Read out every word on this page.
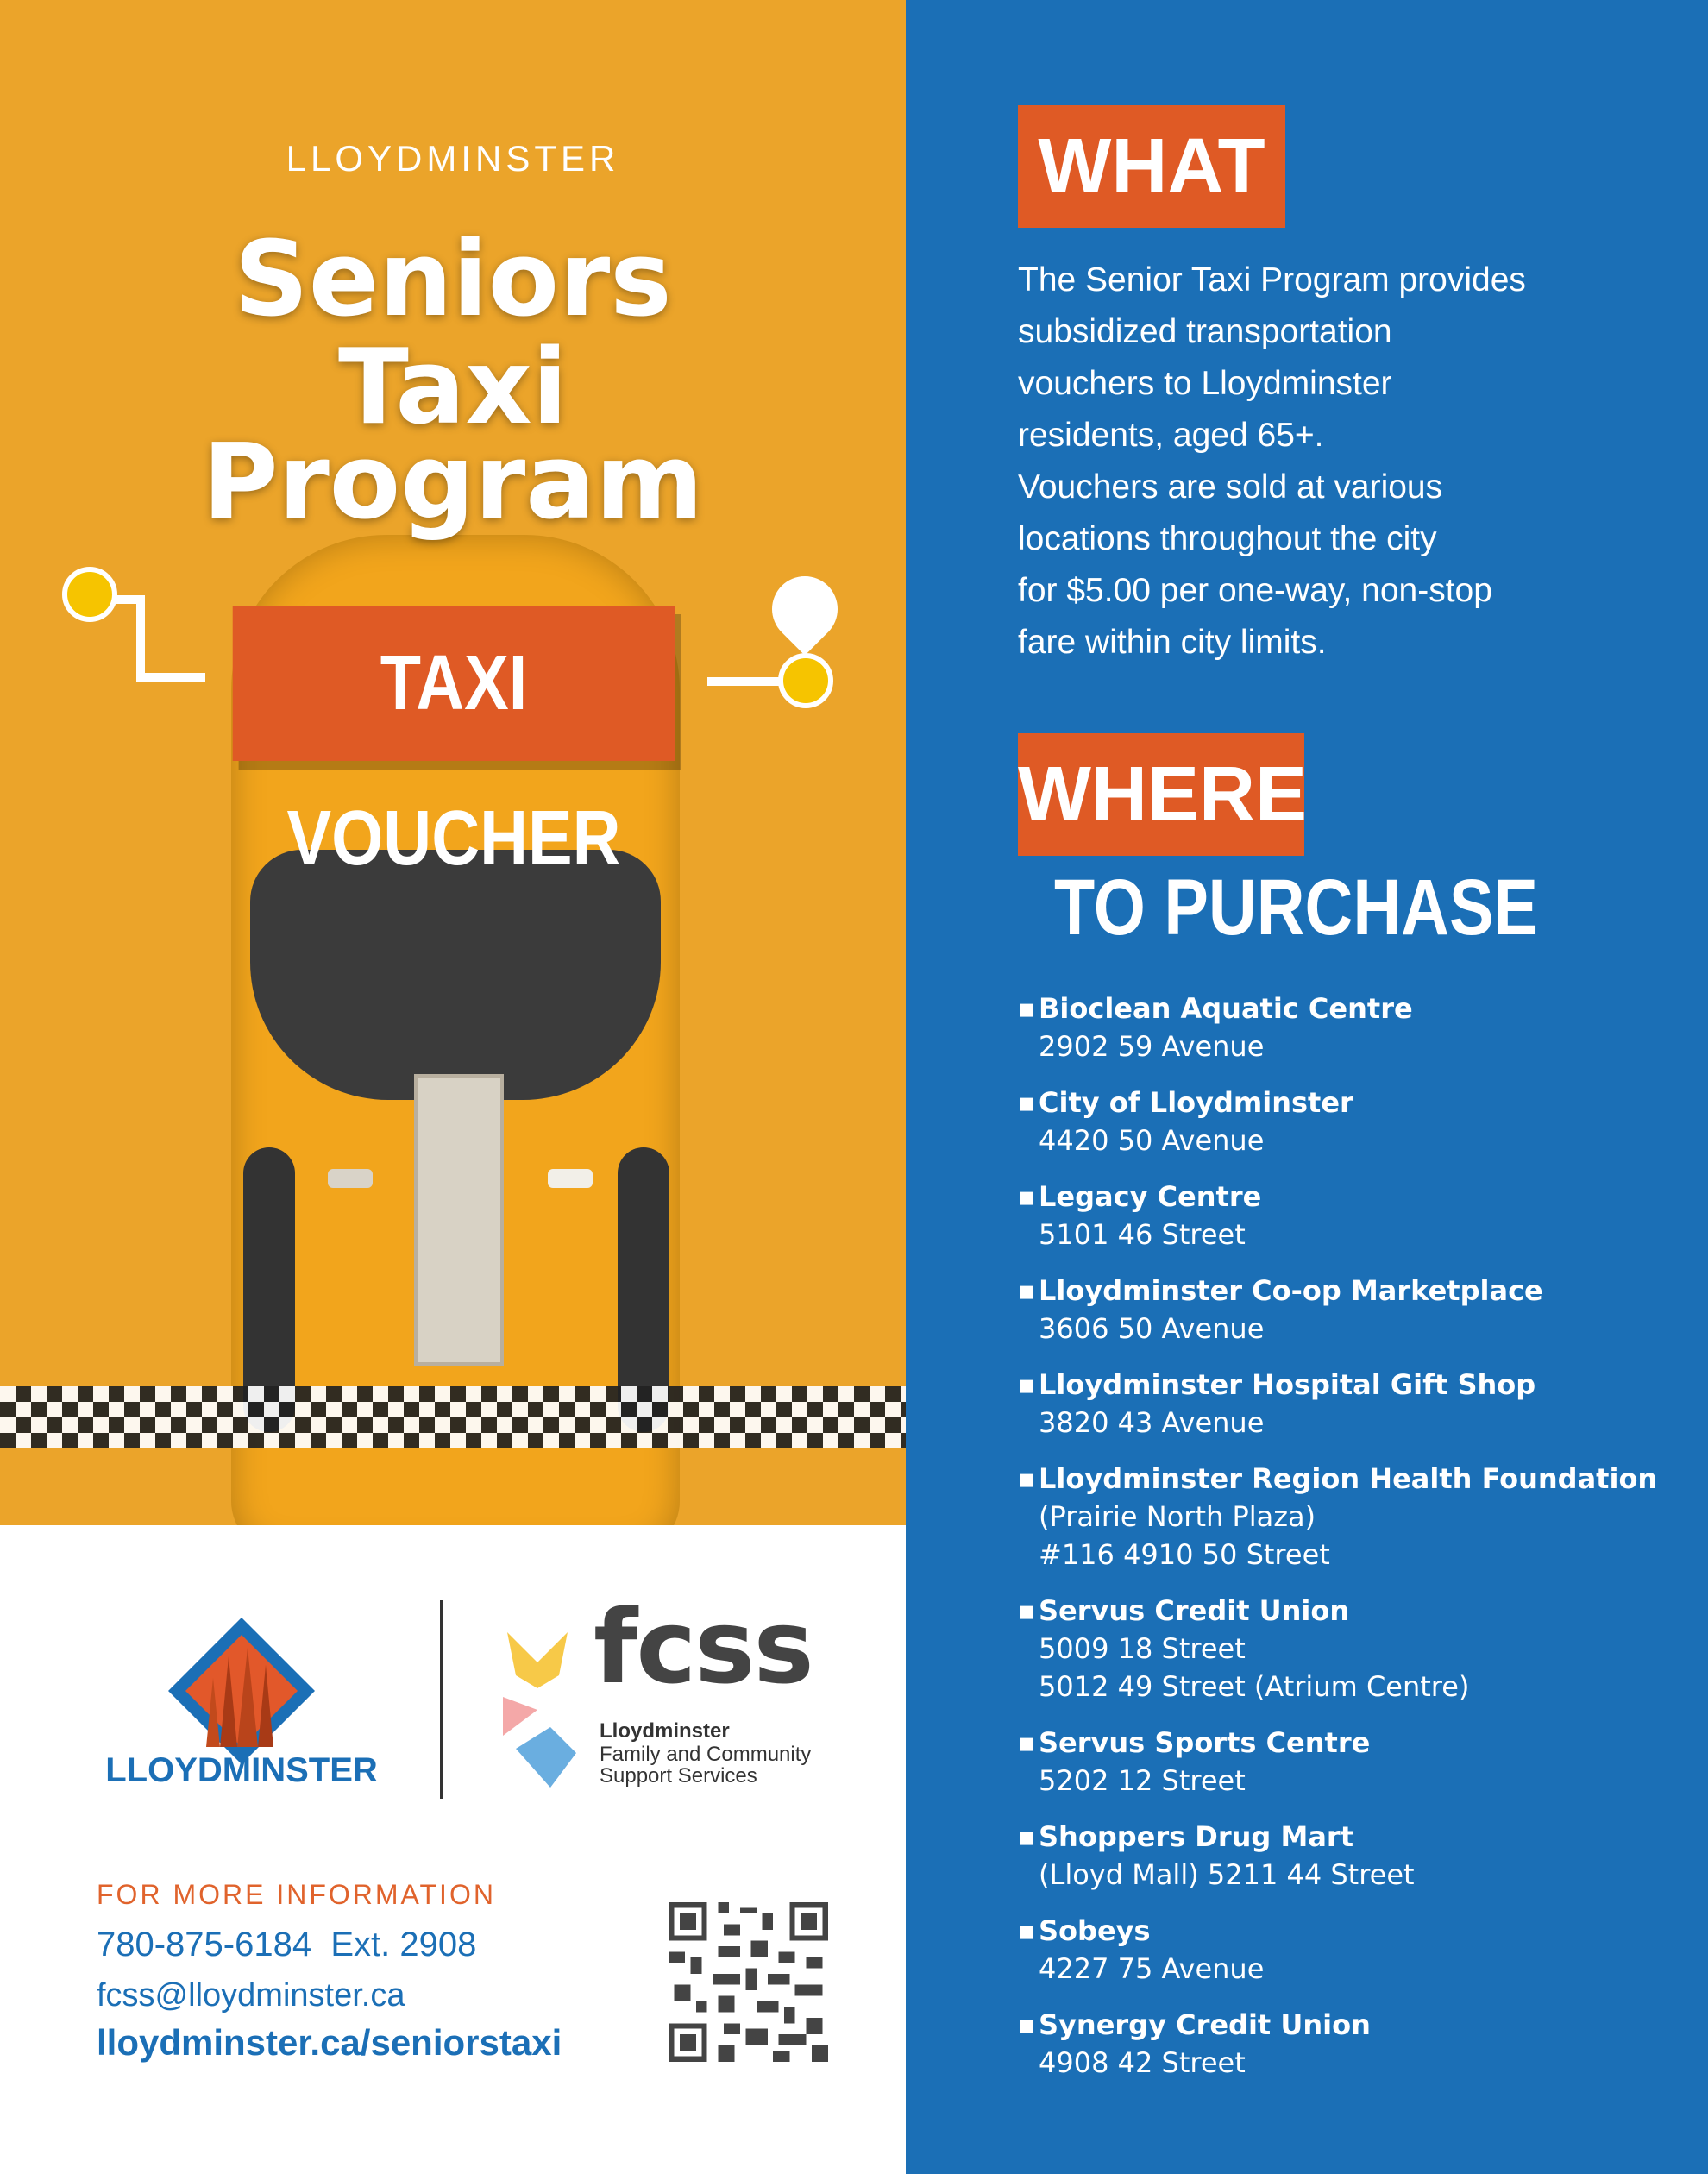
LLOYDMINSTER
Seniors
Taxi
Program
TAXI VOUCHER
LLOYDMINSTER
fcss
Lloydminster
Family and Community
Support Services
FOR MORE INFORMATION
780-875-6184  Ext. 2908
fcss@lloydminster.ca
lloydminster.ca/seniorstaxi
WHAT

The Senior Taxi Program provides

subsidized transportation

vouchers to Lloydminster

residents, aged 65+.

Vouchers are sold at various

locations throughout the city

for $5.00 per one-way, non-stop

fare within city limits.

WHERE
TO PURCHASE
▪ Bioclean Aquatic Centre
2902 59 Avenue
▪ City of Lloydminster
4420 50 Avenue
▪ Legacy Centre
5101 46 Street
▪ Lloydminster Co-op Marketplace
3606 50 Avenue
▪ Lloydminster Hospital Gift Shop
3820 43 Avenue
▪ Lloydminster Region Health Foundation
(Prairie North Plaza)
#116 4910 50 Street
▪ Servus Credit Union
5009 18 Street
5012 49 Street (Atrium Centre)
▪ Servus Sports Centre
5202 12 Street
▪ Shoppers Drug Mart
(Lloyd Mall) 5211 44 Street
▪ Sobeys
4227 75 Avenue
▪ Synergy Credit Union
4908 42 Street
